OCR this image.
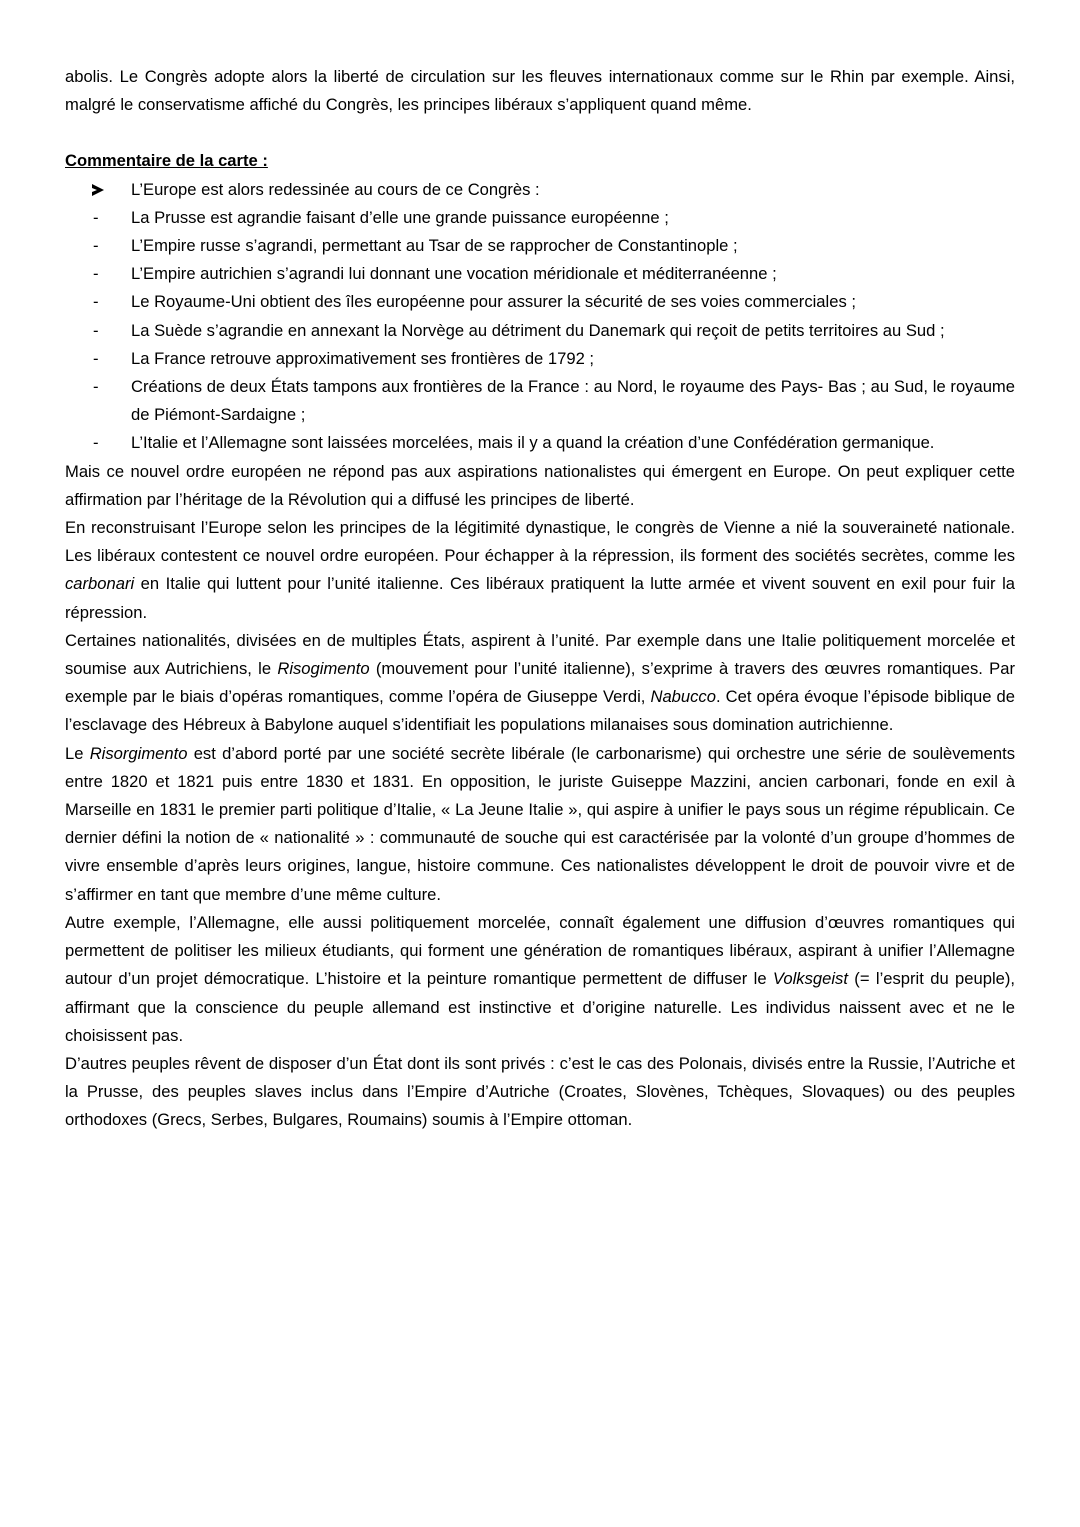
abolis. Le Congrès adopte alors la liberté de circulation sur les fleuves internationaux comme sur le Rhin par exemple. Ainsi, malgré le conservatisme affiché du Congrès, les principes libéraux s’appliquent quand même.

Commentaire de la carte :

L’Europe est alors redessinée au cours de ce Congrès :
-	La Prusse est agrandie faisant d’elle une grande puissance européenne ;
-	L’Empire russe s’agrandi, permettant au Tsar de se rapprocher de Constantinople ;
-	L’Empire autrichien s’agrandi lui donnant une vocation méridionale et méditerranéenne ;
-	Le Royaume-Uni obtient des îles européenne pour assurer la sécurité de ses voies commerciales ;
-	La Suède s’agrandie en annexant la Norvège au détriment du Danemark qui reçoit de petits territoires au Sud ;
-	La France retrouve approximativement ses frontières de 1792 ;
-	Créations de deux États tampons aux frontières de la France : au Nord, le royaume des Pays- Bas ; au Sud, le royaume de Piémont-Sardaigne ;
-	L’Italie et l’Allemagne sont laissées morcelées, mais il y a quand la création d’une Confédération germanique.

Mais ce nouvel ordre européen ne répond pas aux aspirations nationalistes qui émergent en Europe. On peut expliquer cette affirmation par l’héritage de la Révolution qui a diffusé les principes de liberté.

En reconstruisant l’Europe selon les principes de la légitimité dynastique, le congrès de Vienne a nié la souveraineté nationale. Les libéraux contestent ce nouvel ordre européen. Pour échapper à la répression, ils forment des sociétés secrètes, comme les carbonari en Italie qui luttent pour l’unité italienne. Ces libéraux pratiquent la lutte armée et vivent souvent en exil pour fuir la répression.

Certaines nationalités, divisées en de multiples États, aspirent à l’unité. Par exemple dans une Italie politiquement morcelée et soumise aux Autrichiens, le Risogimento (mouvement pour l’unité italienne), s’exprime à travers des œuvres romantiques. Par exemple par le biais d’opéras romantiques, comme l’opéra de Giuseppe Verdi, Nabucco. Cet opéra évoque l’épisode biblique de l’esclavage des Hébreux à Babylone auquel s’identifiait les populations milanaises sous domination autrichienne.

Le Risorgimento est d’abord porté par une société secrète libérale (le carbonarisme) qui orchestre une série de soulèvements entre 1820 et 1821 puis entre 1830 et 1831. En opposition, le juriste Guiseppe Mazzini, ancien carbonari, fonde en exil à Marseille en 1831 le premier parti politique d’Italie, « La Jeune Italie », qui aspire à unifier le pays sous un régime républicain. Ce dernier défini la notion de « nationalité » : communauté de souche qui est caractérisée par la volonté d’un groupe d’hommes de vivre ensemble d’après leurs origines, langue, histoire commune. Ces nationalistes développent le droit de pouvoir vivre et de s’affirmer en tant que membre d’une même culture.

Autre exemple, l’Allemagne, elle aussi politiquement morcelée, connaît également une diffusion d’œuvres romantiques qui permettent de politiser les milieux étudiants, qui forment une génération de romantiques libéraux, aspirant à unifier l’Allemagne autour d’un projet démocratique. L’histoire et la peinture romantique permettent de diffuser le Volksgeist (= l’esprit du peuple), affirmant que la conscience du peuple allemand est instinctive et d’origine naturelle. Les individus naissent avec et ne le choisissent pas.

D’autres peuples rêvent de disposer d’un État dont ils sont privés : c’est le cas des Polonais, divisés entre la Russie, l’Autriche et la Prusse, des peuples slaves inclus dans l’Empire d’Autriche (Croates, Slovènes, Tchèques, Slovaques) ou des peuples orthodoxes (Grecs, Serbes, Bulgares, Roumains) soumis à l’Empire ottoman.
